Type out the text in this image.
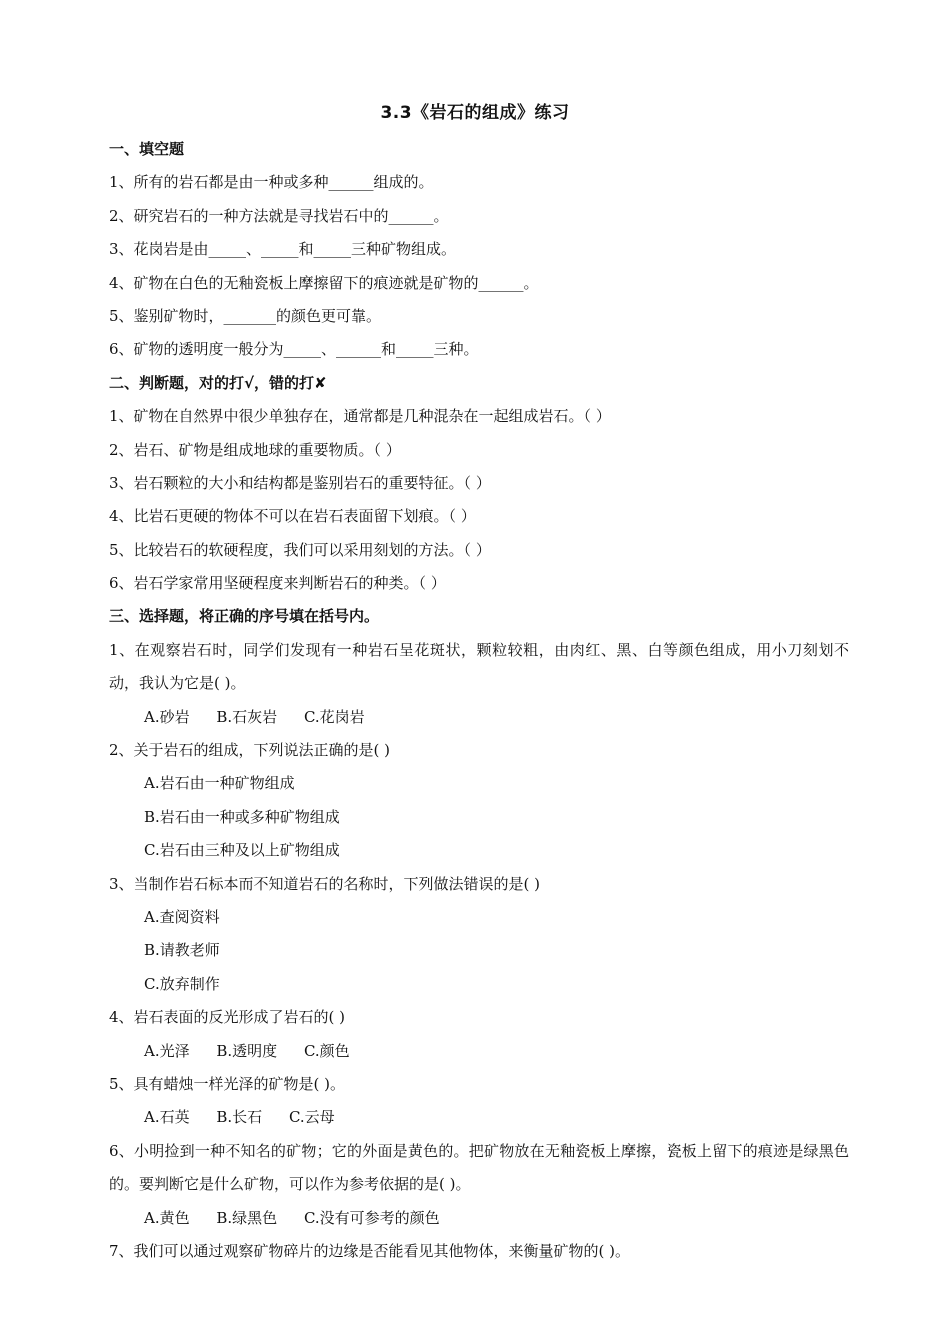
3.3《岩石的组成》练习
一、填空题
1、所有的岩石都是由一种或多种______组成的。
2、研究岩石的一种方法就是寻找岩石中的______。
3、花岗岩是由_____、_____和_____三种矿物组成。
4、矿物在白色的无釉瓷板上摩擦留下的痕迹就是矿物的______。
5、鉴别矿物时，_______的颜色更可靠。
6、矿物的透明度一般分为_____、______和_____三种。
二、判断题，对的打√，错的打✘
1、矿物在自然界中很少单独存在，通常都是几种混杂在一起组成岩石。（ ）
2、岩石、矿物是组成地球的重要物质。（ ）
3、岩石颗粒的大小和结构都是鉴别岩石的重要特征。（ ）
4、比岩石更硬的物体不可以在岩石表面留下划痕。（ ）
5、比较岩石的软硬程度，我们可以采用刻划的方法。（ ）
6、岩石学家常用坚硬程度来判断岩石的种类。（ ）
三、选择题，将正确的序号填在括号内。
1、在观察岩石时，同学们发现有一种岩石呈花斑状，颗粒较粗，由肉红、黑、白等颜色组成，用小刀刻划不动，我认为它是( )。
A.砂岩 B.石灰岩 C.花岗岩
2、关于岩石的组成，下列说法正确的是( )
A.岩石由一种矿物组成
B.岩石由一种或多种矿物组成
C.岩石由三种及以上矿物组成
3、当制作岩石标本而不知道岩石的名称时，下列做法错误的是( )
A.查阅资料
B.请教老师
C.放弃制作
4、岩石表面的反光形成了岩石的( )
A.光泽 B.透明度 C.颜色
5、具有蜡烛一样光泽的矿物是( )。
A.石英 B.长石 C.云母
6、小明捡到一种不知名的矿物；它的外面是黄色的。把矿物放在无釉瓷板上摩擦，瓷板上留下的痕迹是绿黑色的。要判断它是什么矿物，可以作为参考依据的是( )。
A.黄色 B.绿黑色 C.没有可参考的颜色
7、我们可以通过观察矿物碎片的边缘是否能看见其他物体，来衡量矿物的( )。
